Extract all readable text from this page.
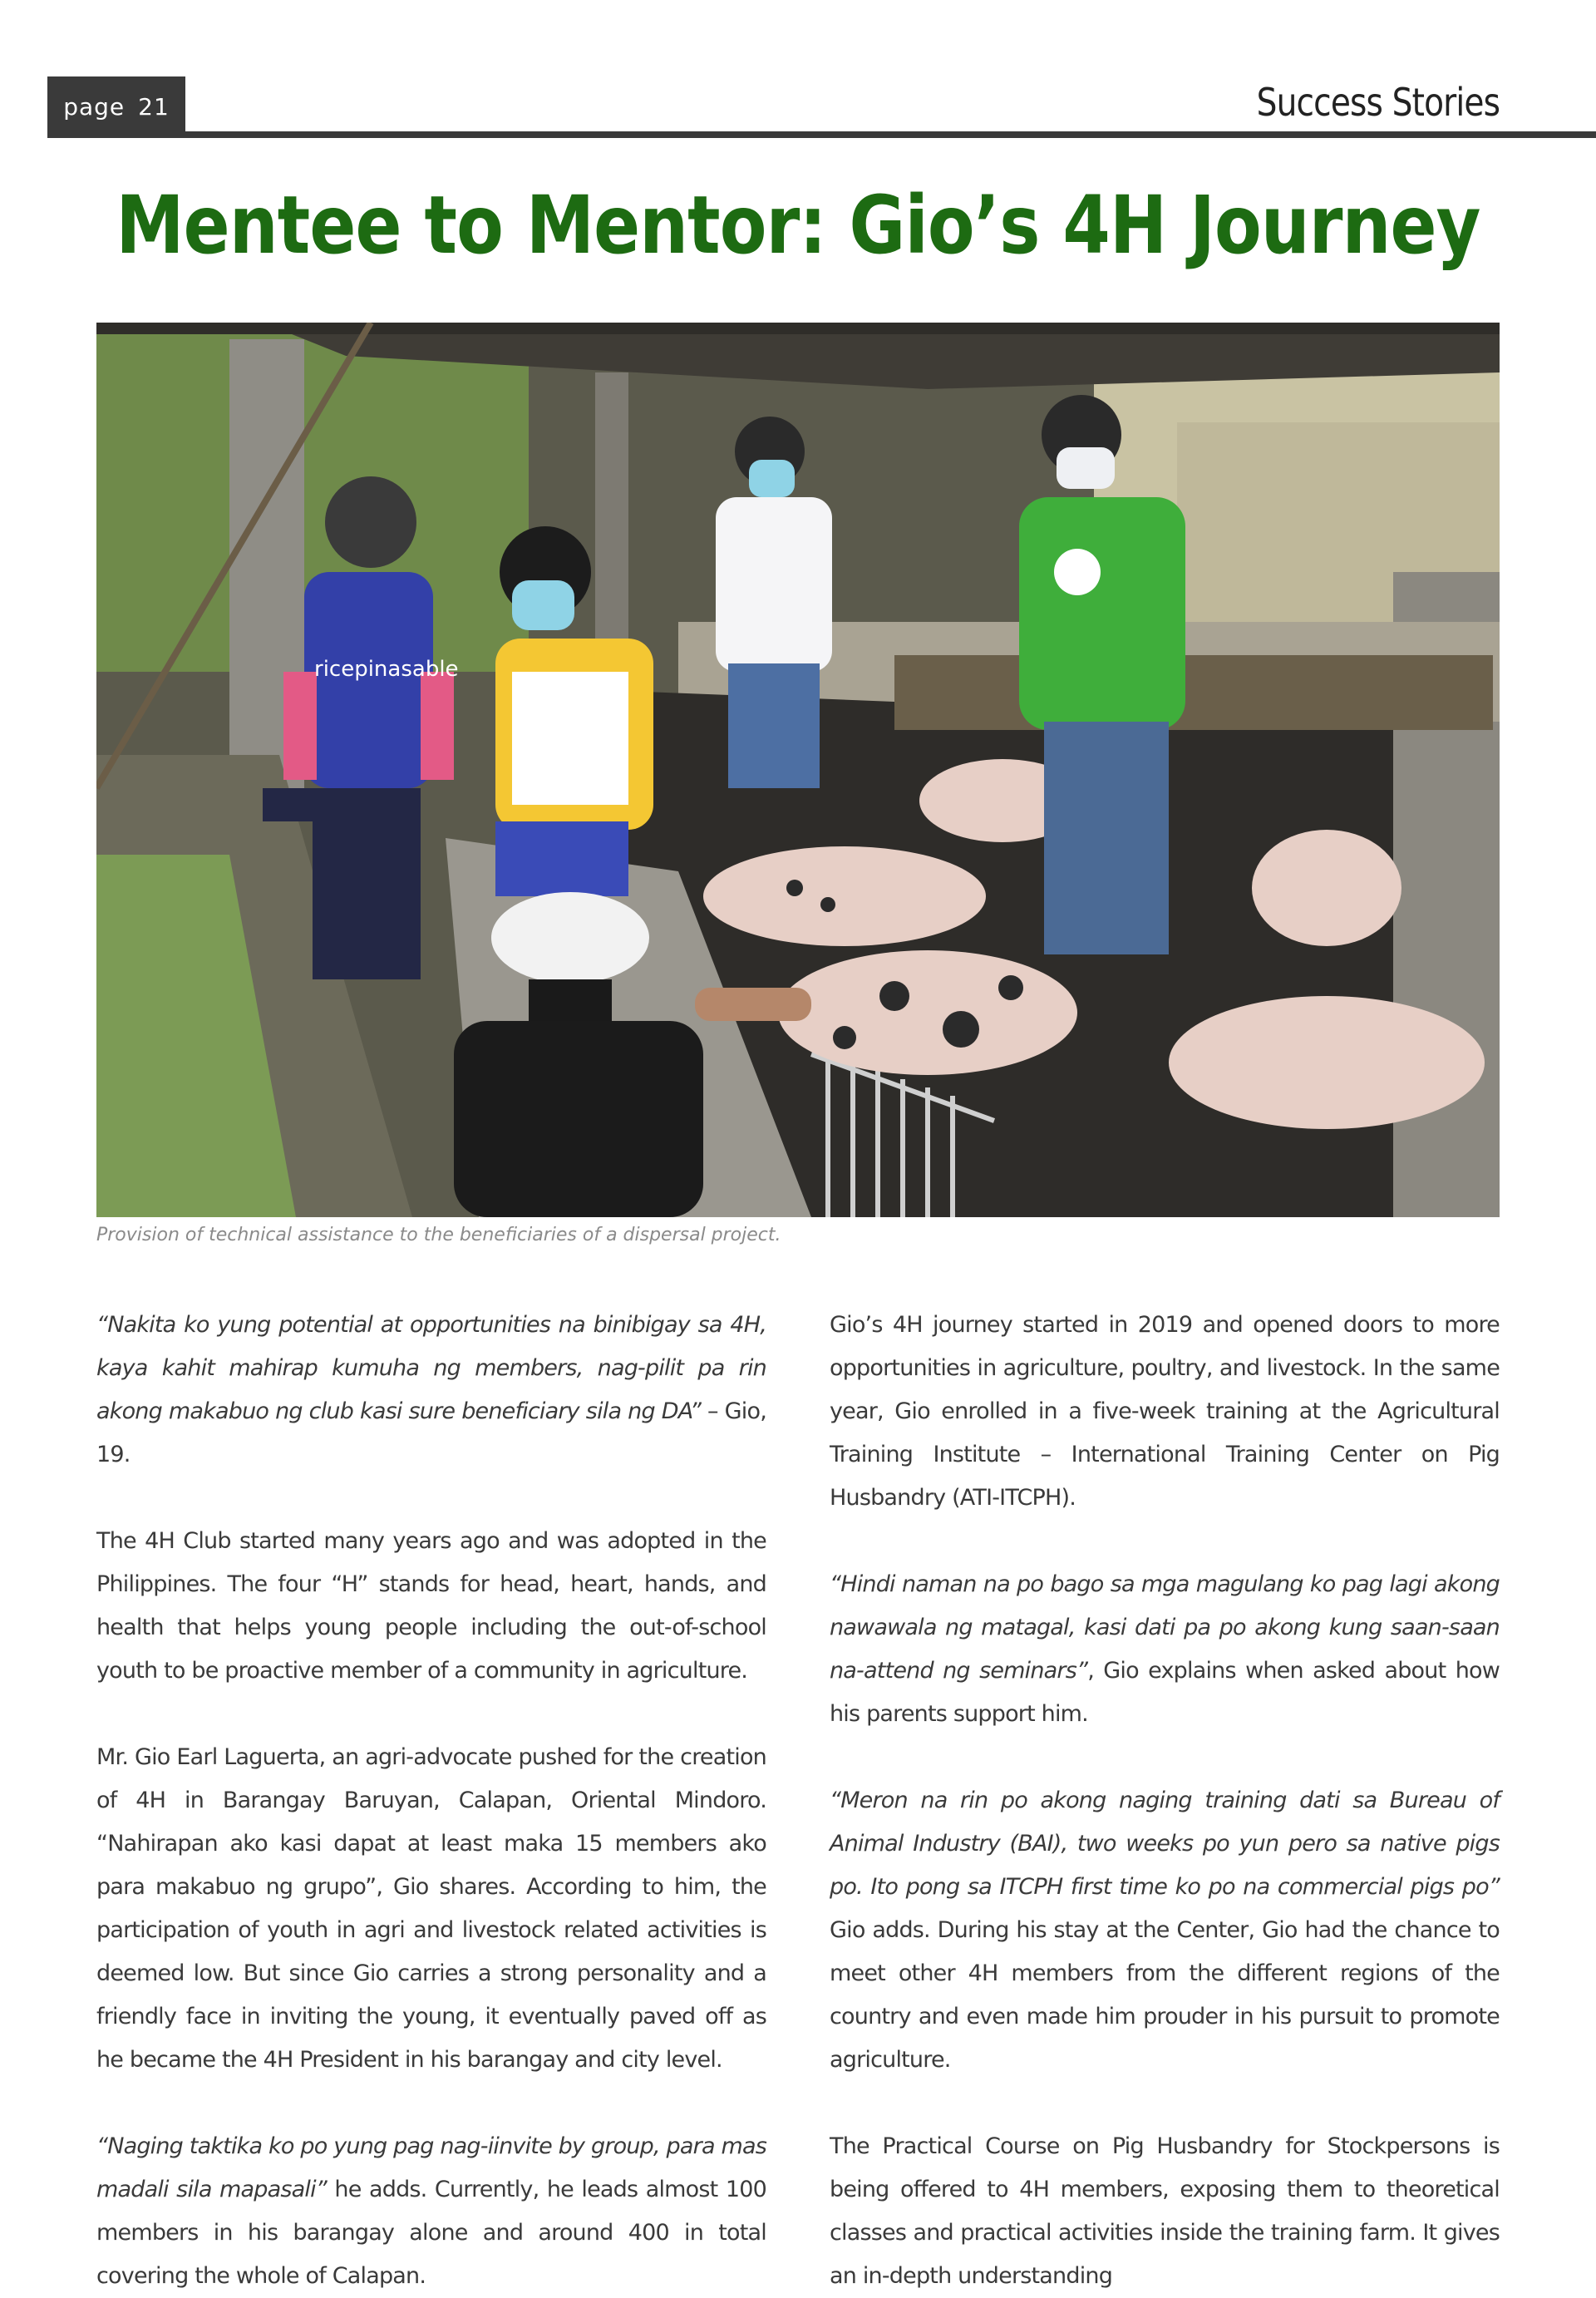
page 21	Success Stories
Mentee to Mentor: Gio’s 4H Journey
ricepinasable

Provision of technical assistance to the beneficiaries of a dispersal project.

“Nakita ko yung potential at opportunities na binibigay sa 4H, kaya kahit mahirap kumuha ng members, nag-pilit pa rin akong makabuo ng club kasi sure beneficiary sila ng DA” – Gio, 19.

The 4H Club started many years ago and was adopted in the Philippines. The four “H” stands for head, heart, hands, and health that helps young people including the out-of-school youth to be proactive member of a community in agriculture.

Mr. Gio Earl Laguerta, an agri-advocate pushed for the creation of 4H in Barangay Baruyan, Calapan, Oriental Mindoro. “Nahirapan ako kasi dapat at least maka 15 members ako para makabuo ng grupo”, Gio shares. According to him, the participation of youth in agri and livestock related activities is deemed low. But since Gio carries a strong personality and a friendly face in inviting the young, it eventually paved off as he became the 4H President in his barangay and city level.

“Naging taktika ko po yung pag nag-iinvite by group, para mas madali sila mapasali” he adds. Currently, he leads almost 100 members in his barangay alone and around 400 in total covering the whole of Calapan.

Gio’s 4H journey started in 2019 and opened doors to more opportunities in agriculture, poultry, and livestock. In the same year, Gio enrolled in a five-week training at the Agricultural Training Institute – International Training Center on Pig Husbandry (ATI-ITCPH).

“Hindi naman na po bago sa mga magulang ko pag lagi akong nawawala ng matagal, kasi dati pa po akong kung saan-saan na-attend ng seminars”, Gio explains when asked about how his parents support him.

“Meron na rin po akong naging training dati sa Bureau of Animal Industry (BAI), two weeks po yun pero sa native pigs po. Ito pong sa ITCPH first time ko po na commercial pigs po” Gio adds. During his stay at the Center, Gio had the chance to meet other 4H members from the different regions of the country and even made him prouder in his pursuit to promote agriculture.

The Practical Course on Pig Husbandry for Stockpersons is being offered to 4H members, exposing them to theoretical classes and practical activities inside the training farm. It gives an in-depth understanding
